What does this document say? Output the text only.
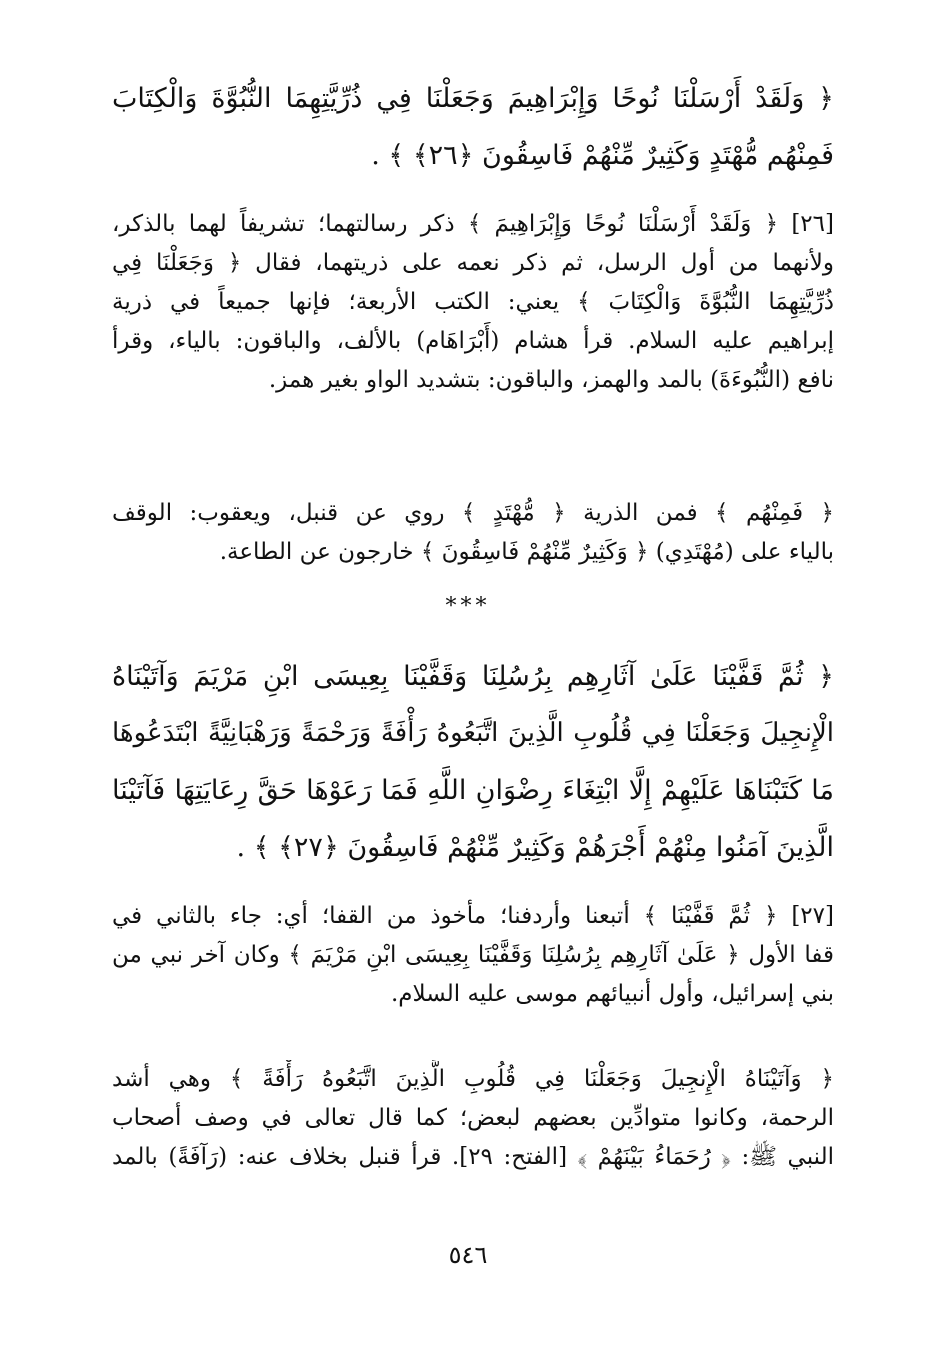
﴿ وَلَقَدْ أَرْسَلْنَا نُوحًا وَإِبْرَاهِيمَ وَجَعَلْنَا فِي ذُرِّيَّتِهِمَا النُّبُوَّةَ وَالْكِتَابَ
فَمِنْهُم مُّهْتَدٍ وَكَثِيرٌ مِّنْهُمْ فَاسِقُونَ ﴿٢٦﴾ ﴾ .
[٢٦] ﴿ وَلَقَدْ أَرْسَلْنَا نُوحًا وَإِبْرَاهِيمَ ﴾ ذكر رسالتهما؛ تشريفاً لهما بالذكر،
ولأنهما من أول الرسل، ثم ذكر نعمه على ذريتهما، فقال ﴿ وَجَعَلْنَا فِي
ذُرِّيَّتِهِمَا النُّبُوَّةَ وَالْكِتَابَ ﴾ يعني: الكتب الأربعة؛ فإنها جميعاً في ذرية
إبراهيم عليه السلام. قرأ هشام (أَبْرَاهَام) بالألف، والباقون: بالياء، وقرأ
نافع (النُّبُوءَةَ) بالمد والهمز، والباقون: بتشديد الواو بغير همز.
﴿ فَمِنْهُم ﴾ فمن الذرية ﴿ مُّهْتَدٍ ﴾ روي عن قنبل، ويعقوب: الوقف
بالياء على (مُهْتَدِي) ﴿ وَكَثِيرٌ مِّنْهُمْ فَاسِقُونَ ﴾ خارجون عن الطاعة.
***
﴿ ثُمَّ قَفَّيْنَا عَلَىٰ آثَارِهِم بِرُسُلِنَا وَقَفَّيْنَا بِعِيسَى ابْنِ مَرْيَمَ وَآتَيْنَاهُ
الْإِنجِيلَ وَجَعَلْنَا فِي قُلُوبِ الَّذِينَ اتَّبَعُوهُ رَأْفَةً وَرَحْمَةً وَرَهْبَانِيَّةً ابْتَدَعُوهَا
مَا كَتَبْنَاهَا عَلَيْهِمْ إِلَّا ابْتِغَاءَ رِضْوَانِ اللَّهِ فَمَا رَعَوْهَا حَقَّ رِعَايَتِهَا فَآتَيْنَا
الَّذِينَ آمَنُوا مِنْهُمْ أَجْرَهُمْ وَكَثِيرٌ مِّنْهُمْ فَاسِقُونَ ﴿٢٧﴾ ﴾ .
[٢٧] ﴿ ثُمَّ قَفَّيْنَا ﴾ أتبعنا وأردفنا؛ مأخوذ من القفا؛ أي: جاء بالثاني في
قفا الأول ﴿ عَلَىٰ آثَارِهِم بِرُسُلِنَا وَقَفَّيْنَا بِعِيسَى ابْنِ مَرْيَمَ ﴾ وكان آخر نبي من
بني إسرائيل، وأول أنبيائهم موسى عليه السلام.
﴿ وَآتَيْنَاهُ الْإِنجِيلَ وَجَعَلْنَا فِي قُلُوبِ الَّذِينَ اتَّبَعُوهُ رَأْفَةً ﴾ وهي أشد
الرحمة، وكانوا متوادِّين بعضهم لبعض؛ كما قال تعالى في وصف أصحاب
النبي ﷺ: ﴿ رُحَمَاءُ بَيْنَهُمْ ﴾ [الفتح: ٢٩]. قرأ قنبل بخلاف عنه: (رَآفَةً) بالمد
٥٤٦
